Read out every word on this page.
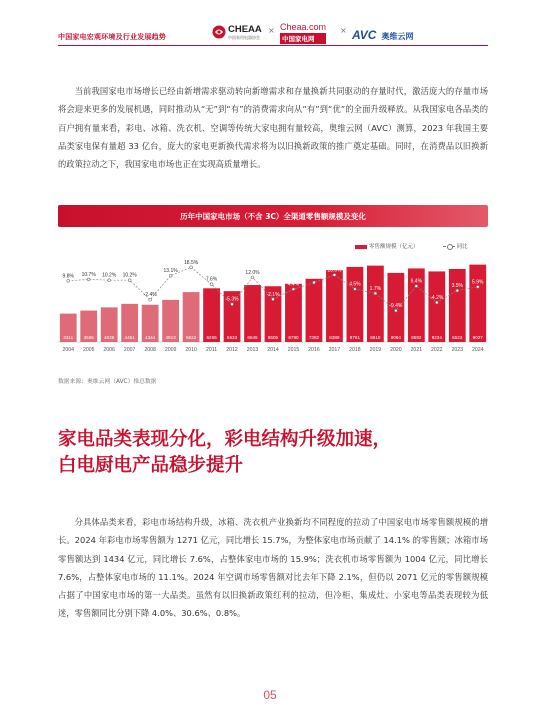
中国家电宏观环境及行业发展趋势
CHEAA
中国家用电器协会
× Cheaa.com
中国家电网
× AVC 奥维云网

当前我国家电市场增长已经由新增需求驱动转向新增需求和存量换新共同驱动的存量时代，激活庞大的存量市场将会迎来更多的发展机遇，同时推动从“无”到“有”的消费需求向从“有”到“优”的全面升级释放。从我国家电各品类的百户拥有量来看，彩电、冰箱、洗衣机、空调等传统大家电拥有量较高，奥维云网（AVC）测算，2023 年我国主要品类家电保有量超 33 亿台，庞大的家电更新换代需求将为以旧换新政策的推广奠定基础。同时，在消费品以旧换新的政策拉动之下，我国家电市场也正在实现高质量增长。

历年中国家电市场（不含 3C）全渠道零售额规模及变化
零售额规模（亿元）	同比
3311
2004
3665
2005
4039
2006
4451
2007
4344
2008
4913
2009
5822
2010
6265
2011
5933
2012
6645
2013
6505
2014
6790
2015
7382
2016
8386
2017
8761
2018
8910
2019
8064
2020
8582
2021
8234
2022
8522
2023
9027
2024
9.8% 10.7% 10.2% 10.2%
-2.4%
13.1%
18.5%
7.6%
-5.3%
12.0%
-2.1%
4.4%
8.7%
13.6%
4.5%
1.7%
-9.4%
6.4%
-4.2%
3.5%
5.9%
数据来源：奥维云网（AVC）推总数据
家电品类表现分化，彩电结构升级加速，
白电厨电产品稳步提升

分具体品类来看，彩电市场结构升级，冰箱、洗衣机产业换新均不同程度的拉动了中国家电市场零售额规模的增长。2024 年彩电市场零售额为 1271 亿元，同比增长 15.7%，为整体家电市场贡献了 14.1% 的零售额；冰箱市场零售额达到 1434 亿元，同比增长 7.6%，占整体家电市场的 15.9%；洗衣机市场零售额为 1004 亿元，同比增长 7.6%，占整体家电市场的 11.1%。2024 年空调市场零售额对比去年下降 2.1%，但仍以 2071 亿元的零售额规模占据了中国家电市场的第一大品类。虽然有以旧换新政策红利的拉动，但冷柜、集成灶、小家电等品类表现较为低迷，零售额同比分别下降 4.0%、30.6%、0.8%。

05
